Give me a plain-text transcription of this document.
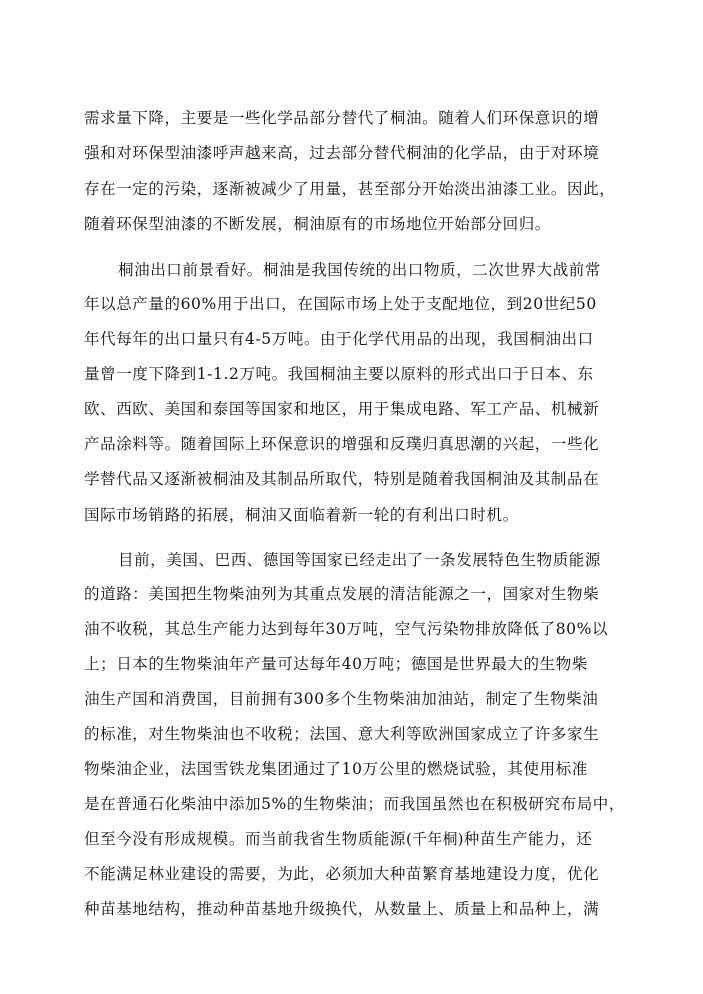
需求量下降，主要是一些化学品部分替代了桐油。随着人们环保意识的增
强和对环保型油漆呼声越来高，过去部分替代桐油的化学品，由于对环境
存在一定的污染，逐渐被减少了用量，甚至部分开始淡出油漆工业。因此，
随着环保型油漆的不断发展，桐油原有的市场地位开始部分回归。
桐油出口前景看好。桐油是我国传统的出口物质，二次世界大战前常
年以总产量的60%用于出口，在国际市场上处于支配地位，到20世纪50
年代每年的出口量只有4-5万吨。由于化学代用品的出现，我国桐油出口
量曾一度下降到1-1.2万吨。我国桐油主要以原料的形式出口于日本、东
欧、西欧、美国和泰国等国家和地区，用于集成电路、军工产品、机械新
产品涂料等。随着国际上环保意识的增强和反璞归真思潮的兴起，一些化
学替代品又逐渐被桐油及其制品所取代，特别是随着我国桐油及其制品在
国际市场销路的拓展，桐油又面临着新一轮的有利出口时机。
目前，美国、巴西、德国等国家已经走出了一条发展特色生物质能源
的道路：美国把生物柴油列为其重点发展的清洁能源之一，国家对生物柴
油不收税，其总生产能力达到每年30万吨，空气污染物排放降低了80%以
上；日本的生物柴油年产量可达每年40万吨；德国是世界最大的生物柴
油生产国和消费国，目前拥有300多个生物柴油加油站，制定了生物柴油
的标准，对生物柴油也不收税；法国、意大利等欧洲国家成立了许多家生
物柴油企业，法国雪铁龙集团通过了10万公里的燃烧试验，其使用标准
是在普通石化柴油中添加5%的生物柴油；而我国虽然也在积极研究布局中，
但至今没有形成规模。而当前我省生物质能源(千年桐)种苗生产能力，还
不能满足林业建设的需要，为此，必须加大种苗繁育基地建设力度，优化
种苗基地结构，推动种苗基地升级换代，从数量上、质量上和品种上，满
